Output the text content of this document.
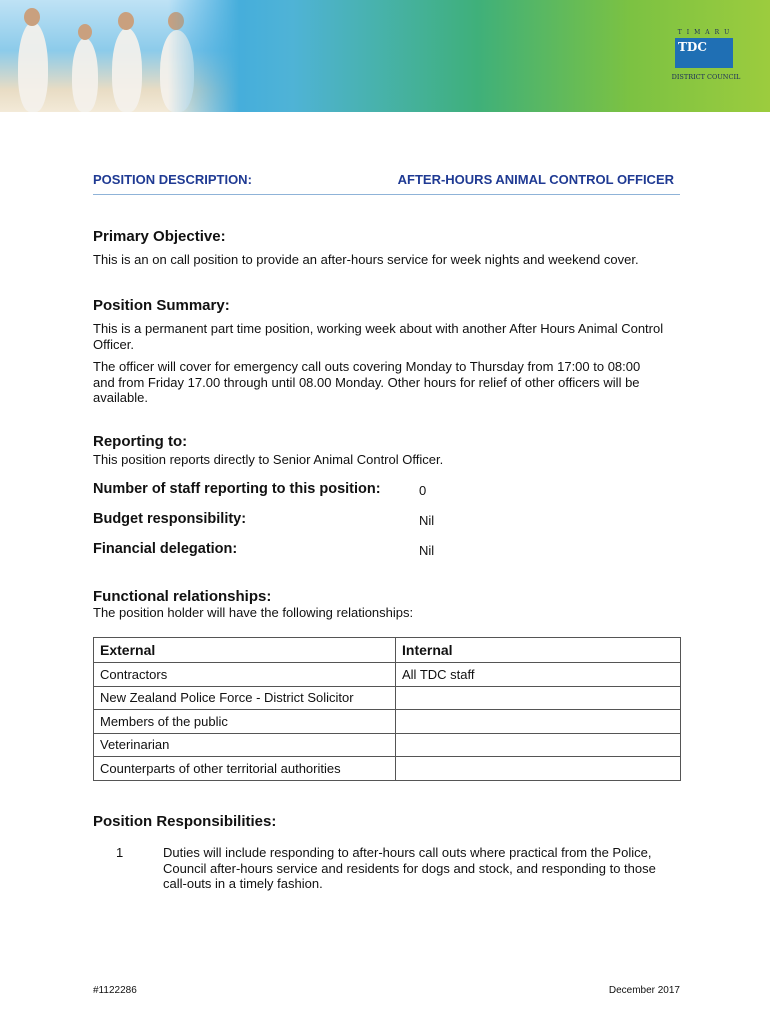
TIMARU
TDC
DISTRICT COUNCIL
POSITION DESCRIPTION:	AFTER-HOURS ANIMAL CONTROL OFFICER
Primary Objective:

This is an on call position to provide an after-hours service for week nights and weekend cover.

Position Summary:

This is a permanent part time position, working week about with another After Hours Animal Control Officer.

The officer will cover for emergency call outs covering Monday to Thursday from 17:00 to 08:00 and from Friday 17.00 through until 08.00 Monday. Other hours for relief of other officers will be available.

Reporting to:

This position reports directly to Senior Animal Control Officer.

Number of staff reporting to this position:	0
Budget responsibility:	Nil
Financial delegation:	Nil
Functional relationships:

The position holder will have the following relationships:

External	Internal
Contractors	All TDC staff
New Zealand Police Force - District Solicitor	
Members of the public	
Veterinarian	
Counterparts of other territorial authorities	
Position Responsibilities:
1	Duties will include responding to after-hours call outs where practical from the Police, Council after-hours service and residents for dogs and stock, and responding to those call-outs in a timely fashion.

#1122286	December 2017
